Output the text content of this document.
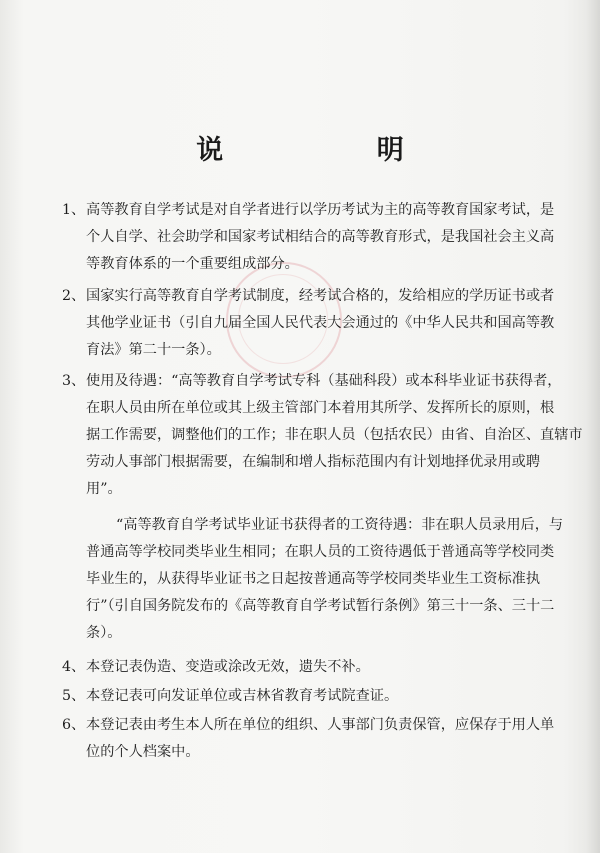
说 明
1、 高等教育自学考试是对自学者进行以学历考试为主的高等教育国家考试，是
个人自学、社会助学和国家考试相结合的高等教育形式，是我国社会主义高
等教育体系的一个重要组成部分。
2、 国家实行高等教育自学考试制度，经考试合格的，发给相应的学历证书或者
其他学业证书（引自九届全国人民代表大会通过的《中华人民共和国高等教
育法》第二十一条）。
3、 使用及待遇：“高等教育自学考试专科（基础科段）或本科毕业证书获得者，
在职人员由所在单位或其上级主管部门本着用其所学、发挥所长的原则，根
据工作需要，调整他们的工作；非在职人员（包括农民）由省、自治区、直辖市
劳动人事部门根据需要，在编制和增人指标范围内有计划地择优录用或聘
用”。
“高等教育自学考试毕业证书获得者的工资待遇：非在职人员录用后，与
普通高等学校同类毕业生相同；在职人员的工资待遇低于普通高等学校同类
毕业生的，从获得毕业证书之日起按普通高等学校同类毕业生工资标准执
行”（引自国务院发布的《高等教育自学考试暂行条例》第三十一条、三十二
条）。
4、 本登记表伪造、变造或涂改无效，遗失不补。
5、 本登记表可向发证单位或吉林省教育考试院查证。
6、 本登记表由考生本人所在单位的组织、人事部门负责保管，应保存于用人单
位的个人档案中。
